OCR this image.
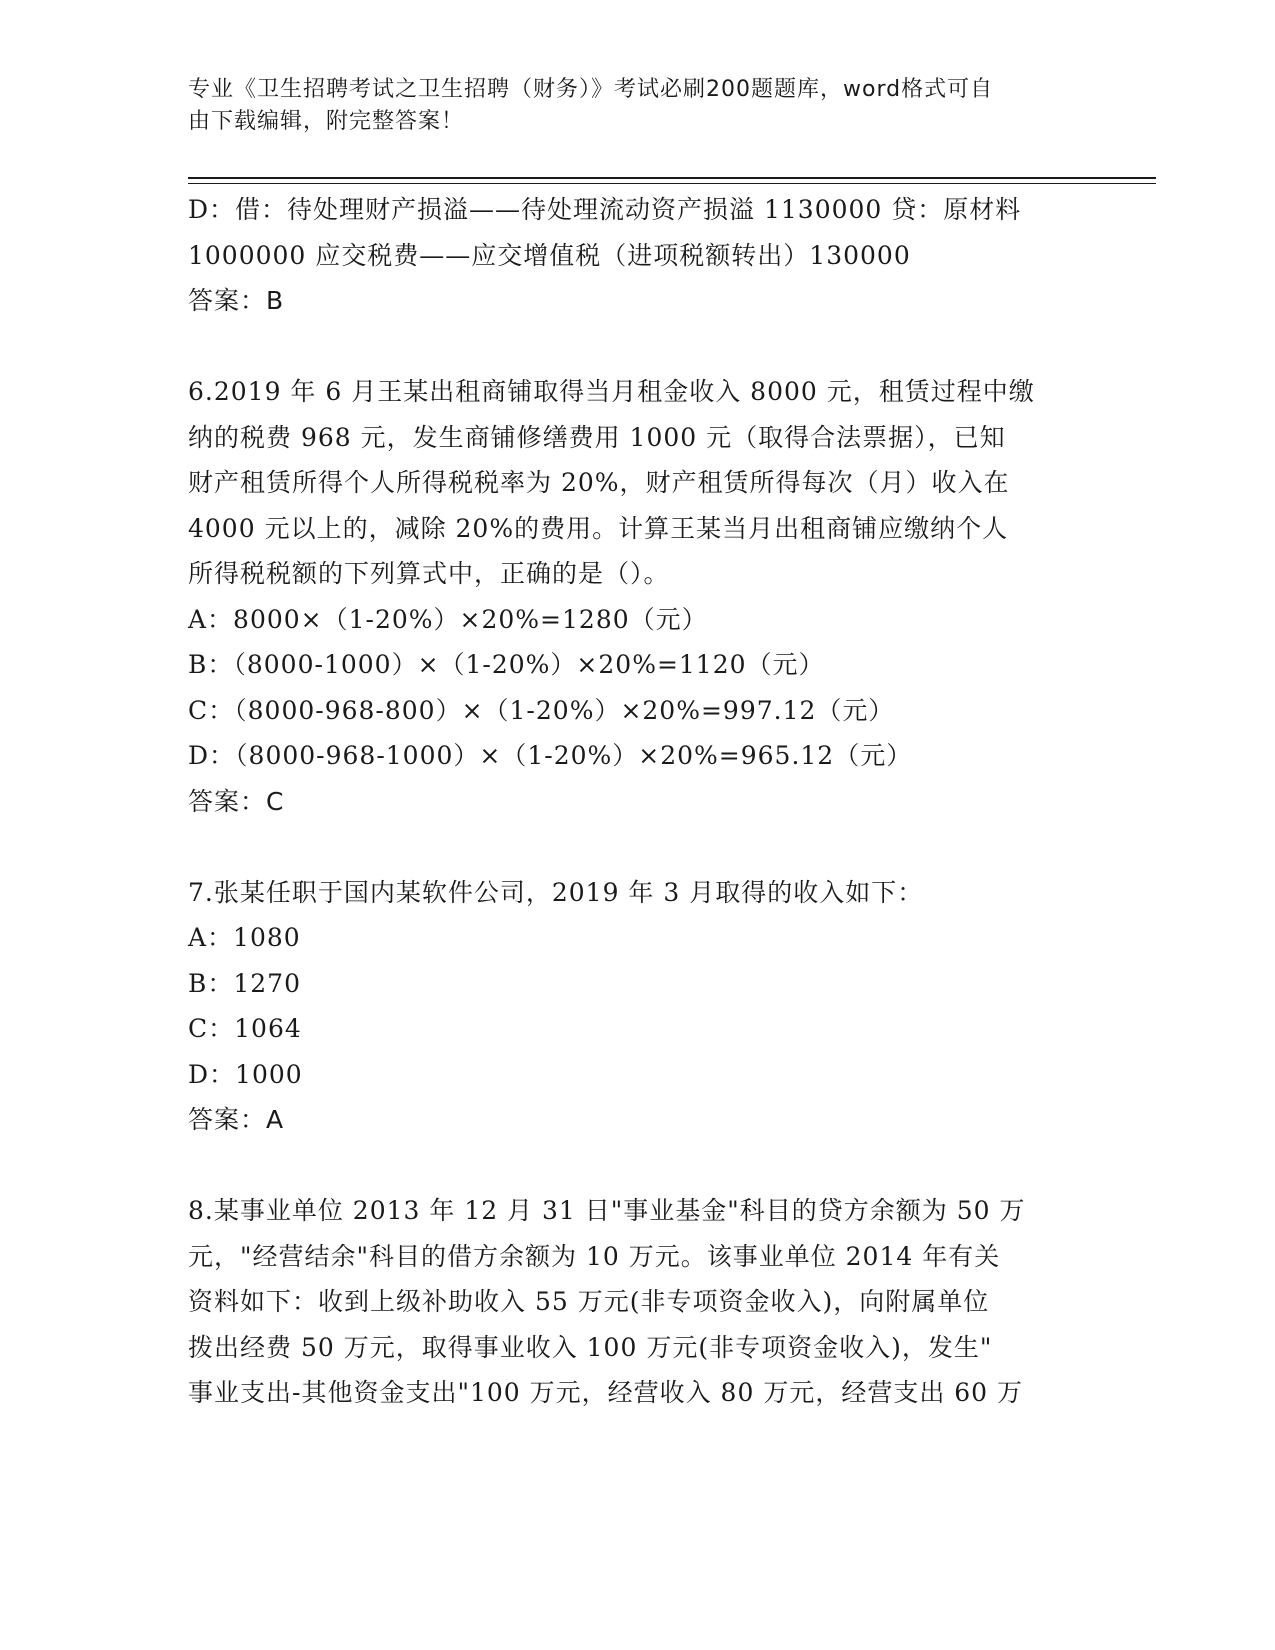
专业《卫生招聘考试之卫生招聘（财务）》考试必刷200题题库，word格式可自
由下载编辑，附完整答案！
D：借：待处理财产损溢——待处理流动资产损溢 1130000 贷：原材料
1000000 应交税费——应交增值税（进项税额转出）130000
答案：B
6.2019 年 6 月王某出租商铺取得当月租金收入 8000 元，租赁过程中缴
纳的税费 968 元，发生商铺修缮费用 1000 元（取得合法票据），已知
财产租赁所得个人所得税税率为 20%，财产租赁所得每次（月）收入在
4000 元以上的，减除 20%的费用。计算王某当月出租商铺应缴纳个人
所得税税额的下列算式中，正确的是（）。
A：8000×（1-20%）×20%=1280（元）
B：（8000-1000）×（1-20%）×20%=1120（元）
C：（8000-968-800）×（1-20%）×20%=997.12（元）
D：（8000-968-1000）×（1-20%）×20%=965.12（元）
答案：C
7.张某任职于国内某软件公司，2019 年 3 月取得的收入如下：
A：1080
B：1270
C：1064
D：1000
答案：A
8.某事业单位 2013 年 12 月 31 日"事业基金"科目的贷方余额为 50 万
元，"经营结余"科目的借方余额为 10 万元。该事业单位 2014 年有关
资料如下：收到上级补助收入 55 万元(非专项资金收入)，向附属单位
拨出经费 50 万元，取得事业收入 100 万元(非专项资金收入)，发生"
事业支出-其他资金支出"100 万元，经营收入 80 万元，经营支出 60 万
